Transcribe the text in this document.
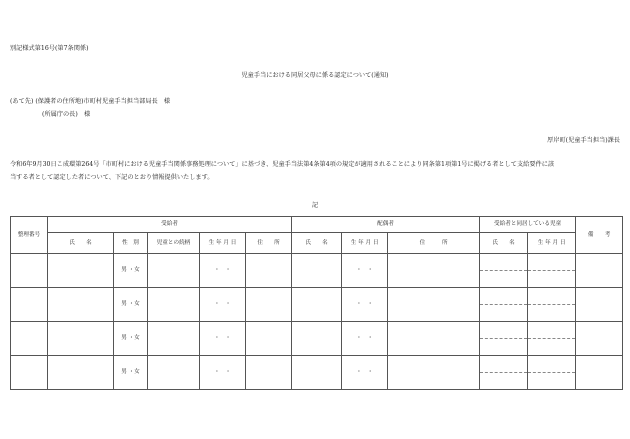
別記様式第16号(第7条関係)
児童手当における同居父母に係る認定について(通知)
(あて先) (保護者の住所地)市町村児童手当担当部局長　様
(所属庁の長)　様
厚岸町(児童手当担当)課長
令和6年9月30日こ成環第264号「市町村における児童手当関係事務処理について」に基づき、児童手当法第4条第4項の規定が適用されることにより同条第1項第1号に掲げる者として支給要件に該
当する者として認定した者について、下記のとおり情報提供いたします。
記
整理番号	受給者					配偶者			受給者と同居している児童		備　　考
	氏　　名	性　別	児童との続柄	生 年 月 日	住　　所	氏　　名	生 年 月 日	住　　　所	氏　　名	生 年 月 日	
		男 ・女		・　・			・　・				

		男 ・女		・　・			・　・				

		男 ・女		・　・			・　・				

		男 ・女		・　・			・　・				
